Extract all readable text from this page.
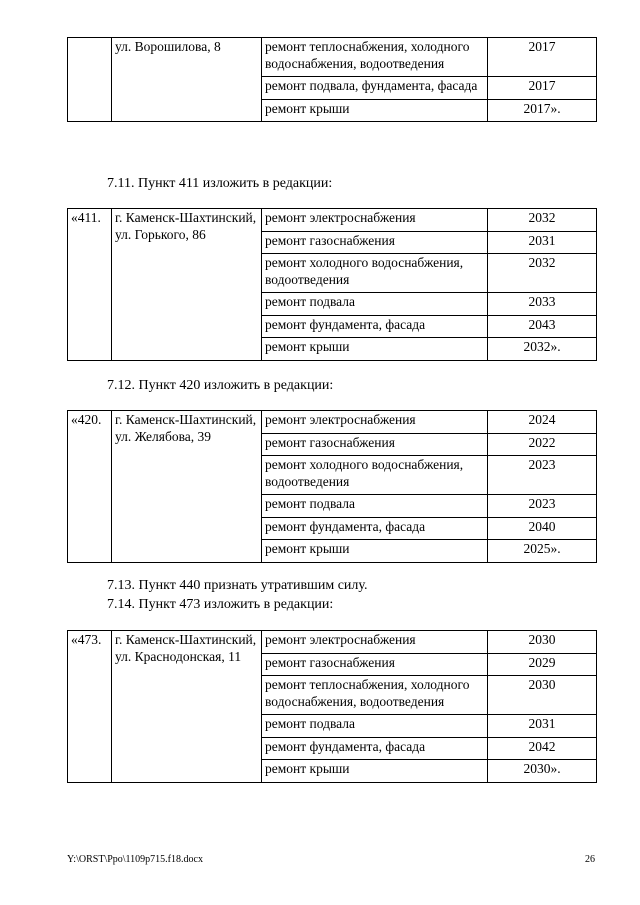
	ул. Ворошилова, 8	ремонт теплоснабжения, холодного водоснабжения, водоотведения	2017
		ремонт подвала, фундамента, фасада	2017
		ремонт крыши	2017».
7.11. Пункт 411 изложить в редакции:
«411.	г. Каменск-Шахтинский, ул. Горького, 86	ремонт электроснабжения	2032
		ремонт газоснабжения	2031
		ремонт холодного водоснабжения, водоотведения	2032
		ремонт подвала	2033
		ремонт фундамента, фасада	2043
		ремонт крыши	2032».
7.12. Пункт 420 изложить в редакции:
«420.	г. Каменск-Шахтинский, ул. Желябова, 39	ремонт электроснабжения	2024
		ремонт газоснабжения	2022
		ремонт холодного водоснабжения, водоотведения	2023
		ремонт подвала	2023
		ремонт фундамента, фасада	2040
		ремонт крыши	2025».
7.13. Пункт 440 признать утратившим силу.
7.14. Пункт 473 изложить в редакции:
«473.	г. Каменск-Шахтинский, ул. Краснодонская, 11	ремонт электроснабжения	2030
		ремонт газоснабжения	2029
		ремонт теплоснабжения, холодного водоснабжения, водоотведения	2030
		ремонт подвала	2031
		ремонт фундамента, фасада	2042
		ремонт крыши	2030».
Y:\ORST\Ppo\1109p715.f18.docx	26
